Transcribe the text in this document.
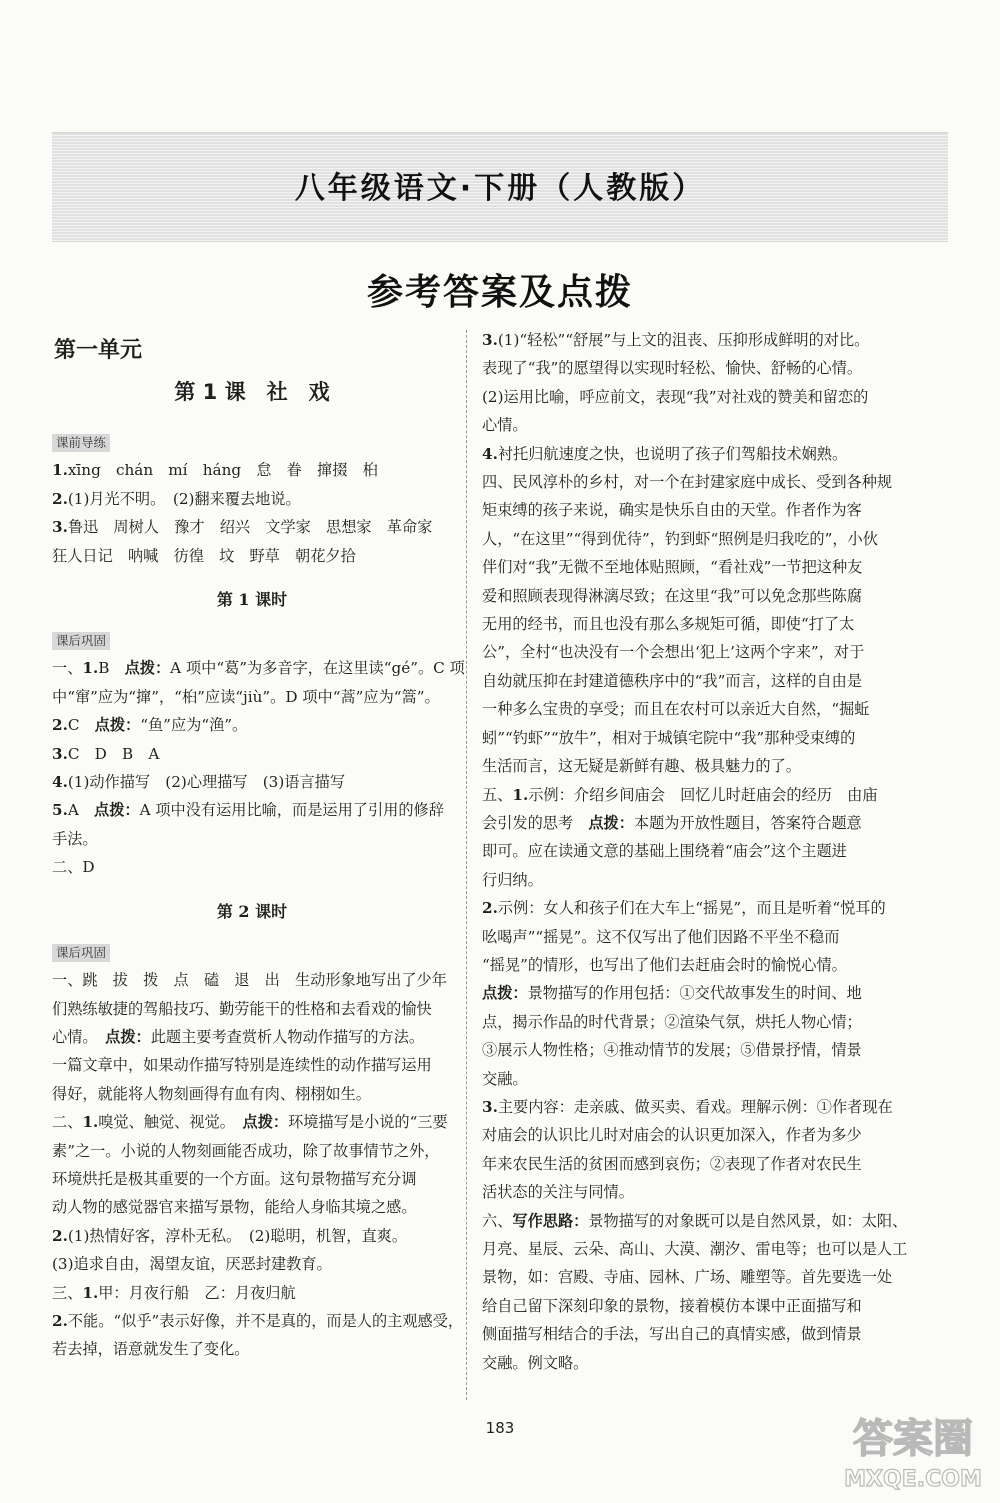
八年级语文·下册（人教版）
参考答案及点拨
第一单元
第 1 课　社　戏
课前导练
1.xīng　chán　mí　háng　怠　眷　撺掇　桕
2.(1)月光不明。　(2)翻来覆去地说。
3.鲁迅　周树人　豫才　绍兴　文学家　思想家　革命家
狂人日记　呐喊　彷徨　坟　野草　朝花夕拾
第 1 课时
课后巩固
一、1.B　点拨：A 项中“葛”为多音字，在这里读“gé”。C 项
中“窜”应为“撺”，“桕”应读“jiù”。D 项中“蒿”应为“篙”。
2.C　点拨：“鱼”应为“渔”。
3.C　D　B　A
4.(1)动作描写　(2)心理描写　(3)语言描写
5.A　点拨：A 项中没有运用比喻，而是运用了引用的修辞
手法。
二、D
第 2 课时
课后巩固
一、跳　拔　拨　点　磕　退　出　生动形象地写出了少年
们熟练敏捷的驾船技巧、勤劳能干的性格和去看戏的愉快
心情。　点拨：此题主要考查赏析人物动作描写的方法。
一篇文章中，如果动作描写特别是连续性的动作描写运用
得好，就能将人物刻画得有血有肉、栩栩如生。
二、1.嗅觉、触觉、视觉。　点拨：环境描写是小说的“三要
素”之一。小说的人物刻画能否成功，除了故事情节之外，
环境烘托是极其重要的一个方面。这句景物描写充分调
动人物的感觉器官来描写景物，能给人身临其境之感。
2.(1)热情好客，淳朴无私。　(2)聪明，机智，直爽。
(3)追求自由，渴望友谊，厌恶封建教育。
三、1.甲：月夜行船　乙：月夜归航
2.不能。“似乎”表示好像，并不是真的，而是人的主观感受，
若去掉，语意就发生了变化。
3.(1)“轻松”“舒展”与上文的沮丧、压抑形成鲜明的对比。
表现了“我”的愿望得以实现时轻松、愉快、舒畅的心情。
(2)运用比喻，呼应前文，表现“我”对社戏的赞美和留恋的
心情。
4.衬托归航速度之快，也说明了孩子们驾船技术娴熟。
四、民风淳朴的乡村，对一个在封建家庭中成长、受到各种规
矩束缚的孩子来说，确实是快乐自由的天堂。作者作为客
人，“在这里”“得到优待”，钓到虾“照例是归我吃的”，小伙
伴们对“我”无微不至地体贴照顾，“看社戏”一节把这种友
爱和照顾表现得淋漓尽致；在这里“我”可以免念那些陈腐
无用的经书，而且也没有那么多规矩可循，即使“打了太
公”，全村“也决没有一个会想出‘犯上’这两个字来”，对于
自幼就压抑在封建道德秩序中的“我”而言，这样的自由是
一种多么宝贵的享受；而且在农村可以亲近大自然，“掘蚯
蚓”“钓虾”“放牛”，相对于城镇宅院中“我”那种受束缚的
生活而言，这无疑是新鲜有趣、极具魅力的了。
五、1.示例：介绍乡间庙会　回忆儿时赶庙会的经历　由庙
会引发的思考　点拨：本题为开放性题目，答案符合题意
即可。应在读通文意的基础上围绕着“庙会”这个主题进
行归纳。
2.示例：女人和孩子们在大车上“摇晃”，而且是听着“悦耳的
吆喝声”“摇晃”。这不仅写出了他们因路不平坐不稳而
“摇晃”的情形，也写出了他们去赶庙会时的愉悦心情。
点拨：景物描写的作用包括：①交代故事发生的时间、地
点，揭示作品的时代背景；②渲染气氛，烘托人物心情；
③展示人物性格；④推动情节的发展；⑤借景抒情，情景
交融。
3.主要内容：走亲戚、做买卖、看戏。理解示例：①作者现在
对庙会的认识比儿时对庙会的认识更加深入，作者为多少
年来农民生活的贫困而感到哀伤；②表现了作者对农民生
活状态的关注与同情。
六、写作思路：景物描写的对象既可以是自然风景，如：太阳、
月亮、星辰、云朵、高山、大漠、潮汐、雷电等；也可以是人工
景物，如：宫殿、寺庙、园林、广场、雕塑等。首先要选一处
给自己留下深刻印象的景物，接着模仿本课中正面描写和
侧面描写相结合的手法，写出自己的真情实感，做到情景
交融。例文略。
183	答案圈
MXQE.COM
